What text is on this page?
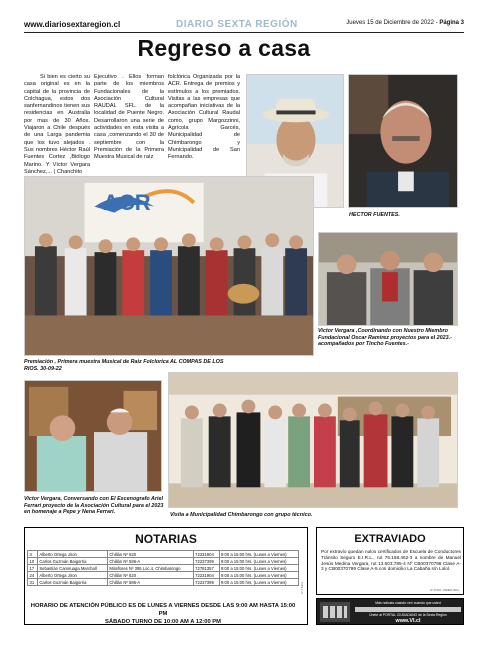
www.diariosextaregion.cl	DIARIO SEXTA REGIÓN	Jueves 15 de Diciembre de 2022 - Página 3
Regreso a casa
Si bien es cierto su casa original es en la capital de la provincia de Colchagua, estos dos sanfernandinos tienen sus residencias en Australia por mas de 30 Años. Viajaron a Chile después de una Larga pandemia que los tuvo alejados . Sus nombres Héctor Raúl Fuentes Cortez ,Biólogo Marino. Y Víctor Vergara Sánchez,... ( Chanchito
Ejecutivo . Ellos forman parte de los miembros Fundacionales de la Asociación Cultural RAUDAL SFL. de la localidad de Puente Negro. Desarrollaron una serie de actividades en esta visita a casa ,comenzando el 30 de septiembre con la Premiación de la Primera Muestra Musical de raíz
folclórica Organizada por la ACR. Entrega de premios y estímulos a los premiados. Visitas a las empresas que acompañan iniciativas de la Asociación Cultural Raudal como, grupo Margozzinni, Agrícola Garcés, Municipalidad de Chimbarongo y Municipalidad de San Fernando.
HECTOR FUENTES.
ACR
Premiación , Primera muestra Musical de Raiz Folclorica AL COMPAS DE LOS RIOS. 30-09-22
Victor Vergara ,Coordinando con Nuestro Miembro Fundacional Oscar Ramirez proyectos para el 2023.- acompañados por Tincho Fuentes.-
Victor Vergara, Conversando con El Escenografo Ariel Ferrari proyecto de la Asociación Cultural para el 2023 en homenaje a Pepe y Nena Ferrari.	Visita a Municipalidad Chimbarongo con grupo técnico.
NOTARIAS
3	Alberto Ortega Jiron	Chillán Nº 620	72231904	9:00 a 15:00 hrs. (Lunes a Viernes)
10	Carlos Guzmán Baigorria	Chillán Nº 586-A	72237399	9:00 a 15:00 hrs. (Lunes a Viernes)
17	Sebastián Camiruaga Marchall	Miraflores Nº 395 Loc.4, Chimbarongo	72781357	9:00 a 15:00 hrs. (Lunes a Viernes)
24	Alberto Ortega Jiron	Chillán Nº 620	72231904	9:00 a 15:00 hrs. (Lunes a Viernes)
31	Carlos Guzmán Baigorria	Chillán Nº 586-A	72237399	9:00 a 15:00 hrs. (Lunes a Viernes)	Nº 1 Turno
HORARIO DE ATENCIÓN PÚBLICO ES DE LUNES A VIERNES DESDE LAS 9:00 AM HASTA 15:00 PM
SÁBADO TURNO DE 10:00 AM A 12:00 PM
EXTRAVIADO
Por extravío quedan nulos certificados de Escuela de Conductores Tránsito Seguro E.I.R.L., rut 76.168.452-3 a nombre de Manuel Jesús Medina Vergara, rut 13.603.785-4 Nº CB00370798 Clase A-3 y CB00370799 Clase A-5 con domicilio La Cabaña s/n Lolol.
Nº 07344 - 02DEM 15/12
Más noticias cuando ver/ cuando que usted
Únete al PORTAL CIUDADANO de la Sexta Región
www.VI.cl
